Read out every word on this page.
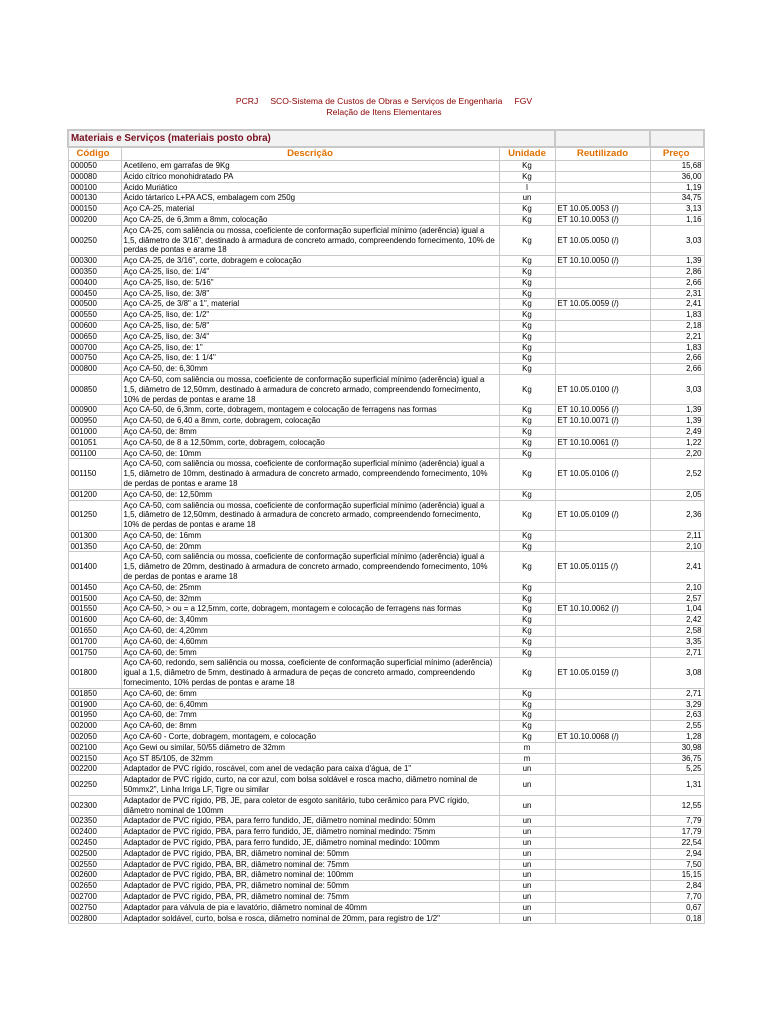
PCRJ SCO-Sistema de Custos de Obras e Serviços de Engenharia FGV
Relação de Itens Elementares
Materiais e Serviços (materiais posto obra)				
Código	Descrição	Unidade	Reutilizado	Preço
000050	Acetileno, em garrafas de 9Kg	Kg		15,68
000080	Ácido cítrico monohidratado PA	Kg		36,00
000100	Ácido Muriático	l		1,19
000130	Ácido tártarico L+PA ACS, embalagem com 250g	un		34,75
000150	Aço CA-25, material	Kg	ET 10.05.0053 (/)	3,13
000200	Aço CA-25, de 6,3mm a 8mm, colocação	Kg	ET 10.10.0053 (/)	1,16
000250	Aço CA-25, com saliência ou mossa, coeficiente de conformação superficial mínimo (aderência) igual a 1,5, diâmetro de 3/16", destinado à armadura de concreto armado, compreendendo fornecimento, 10% de perdas de pontas e arame 18	Kg	ET 10.05.0050 (/)	3,03
000300	Aço CA-25, de 3/16", corte, dobragem e colocação	Kg	ET 10.10.0050 (/)	1,39
000350	Aço CA-25, liso, de: 1/4"	Kg		2,86
000400	Aço CA-25, liso, de: 5/16"	Kg		2,66
000450	Aço CA-25, liso, de: 3/8"	Kg		2,31
000500	Aço CA-25, de 3/8" a 1", material	Kg	ET 10.05.0059 (/)	2,41
000550	Aço CA-25, liso, de: 1/2"	Kg		1,83
000600	Aço CA-25, liso, de: 5/8"	Kg		2,18
000650	Aço CA-25, liso, de: 3/4"	Kg		2,21
000700	Aço CA-25, liso, de: 1"	Kg		1,83
000750	Aço CA-25, liso, de: 1 1/4"	Kg		2,66
000800	Aço CA-50, de: 6,30mm	Kg		2,66
000850	Aço CA-50, com saliência ou mossa, coeficiente de conformação superficial mínimo (aderência) igual a 1,5, diâmetro de 12,50mm, destinado à armadura de concreto armado, compreendendo fornecimento, 10% de perdas de pontas e arame 18	Kg	ET 10.05.0100 (/)	3,03
000900	Aço CA-50, de 6,3mm, corte, dobragem, montagem e colocação de ferragens nas formas	Kg	ET 10.10.0056 (/)	1,39
000950	Aço CA-50, de 6,40 a 8mm, corte, dobragem, colocação	Kg	ET 10.10.0071 (/)	1,39
001000	Aço CA-50, de: 8mm	Kg		2,49
001051	Aço CA-50, de 8 a 12,50mm, corte, dobragem, colocação	Kg	ET 10.10.0061 (/)	1,22
001100	Aço CA-50, de: 10mm	Kg		2,20
001150	Aço CA-50, com saliência ou mossa, coeficiente de conformação superficial mínimo (aderência) igual a 1,5, diâmetro de 10mm, destinado à armadura de concreto armado, compreendendo fornecimento, 10% de perdas de pontas e arame 18	Kg	ET 10.05.0106 (/)	2,52
001200	Aço CA-50, de: 12,50mm	Kg		2,05
001250	Aço CA-50, com saliência ou mossa, coeficiente de conformação superficial mínimo (aderência) igual a 1,5, diâmetro de 12,50mm, destinado à armadura de concreto armado, compreendendo fornecimento, 10% de perdas de pontas e arame 18	Kg	ET 10.05.0109 (/)	2,36
001300	Aço CA-50, de: 16mm	Kg		2,11
001350	Aço CA-50, de: 20mm	Kg		2,10
001400	Aço CA-50, com saliência ou mossa, coeficiente de conformação superficial mínimo (aderência) igual a 1,5, diâmetro de 20mm, destinado à armadura de concreto armado, compreendendo fornecimento, 10% de perdas de pontas e arame 18	Kg	ET 10.05.0115 (/)	2,41
001450	Aço CA-50, de: 25mm	Kg		2,10
001500	Aço CA-50, de: 32mm	Kg		2,57
001550	Aço CA-50, > ou = a 12,5mm, corte, dobragem, montagem e colocação de ferragens nas formas	Kg	ET 10.10.0062 (/)	1,04
001600	Aço CA-60, de: 3,40mm	Kg		2,42
001650	Aço CA-60, de: 4,20mm	Kg		2,58
001700	Aço CA-60, de: 4,60mm	Kg		3,35
001750	Aço CA-60, de: 5mm	Kg		2,71
001800	Aço CA-60, redondo, sem saliência ou mossa, coeficiente de conformação superficial mínimo (aderência) igual a 1,5, diâmetro de 5mm, destinado à armadura de peças de concreto armado, compreendendo fornecimento, 10% perdas de pontas e arame 18	Kg	ET 10.05.0159 (/)	3,08
001850	Aço CA-60, de: 6mm	Kg		2,71
001900	Aço CA-60, de: 6,40mm	Kg		3,29
001950	Aço CA-60, de: 7mm	Kg		2,63
002000	Aço CA-60, de: 8mm	Kg		2,55
002050	Aço CA-60 - Corte, dobragem, montagem, e colocação	Kg	ET 10.10.0068 (/)	1,28
002100	Aço Gewi ou similar, 50/55 diâmetro de 32mm	m		30,98
002150	Aço ST 85/105, de 32mm	m		36,75
002200	Adaptador de PVC rígido, roscável, com anel de vedação para caixa d'água, de 1"	un		5,25
002250	Adaptador de PVC rígido, curto, na cor azul, com bolsa soldável e rosca macho, diâmetro nominal de 50mmx2", Linha Irriga LF, Tigre ou similar	un		1,31
002300	Adaptador de PVC rígido, PB, JE, para coletor de esgoto sanitário, tubo cerâmico para PVC rígido, diâmetro nominal de 100mm	un		12,55
002350	Adaptador de PVC rígido, PBA, para ferro fundido, JE, diâmetro nominal medindo: 50mm	un		7,79
002400	Adaptador de PVC rígido, PBA, para ferro fundido, JE, diâmetro nominal medindo: 75mm	un		17,79
002450	Adaptador de PVC rígido, PBA, para ferro fundido, JE, diâmetro nominal medindo: 100mm	un		22,54
002500	Adaptador de PVC rígido, PBA, BR, diâmetro nominal de: 50mm	un		2,94
002550	Adaptador de PVC rígido, PBA, BR, diâmetro nominal de: 75mm	un		7,50
002600	Adaptador de PVC rígido, PBA, BR, diâmetro nominal de: 100mm	un		15,15
002650	Adaptador de PVC rígido, PBA, PR, diâmetro nominal de: 50mm	un		2,84
002700	Adaptador de PVC rígido, PBA, PR, diâmetro nominal de: 75mm	un		7,70
002750	Adaptador para válvula de pia e lavatório, diâmetro nominal de 40mm	un		0,67
002800	Adaptador soldável, curto, bolsa e rosca, diâmetro nominal de 20mm, para registro de 1/2"	un		0,18
